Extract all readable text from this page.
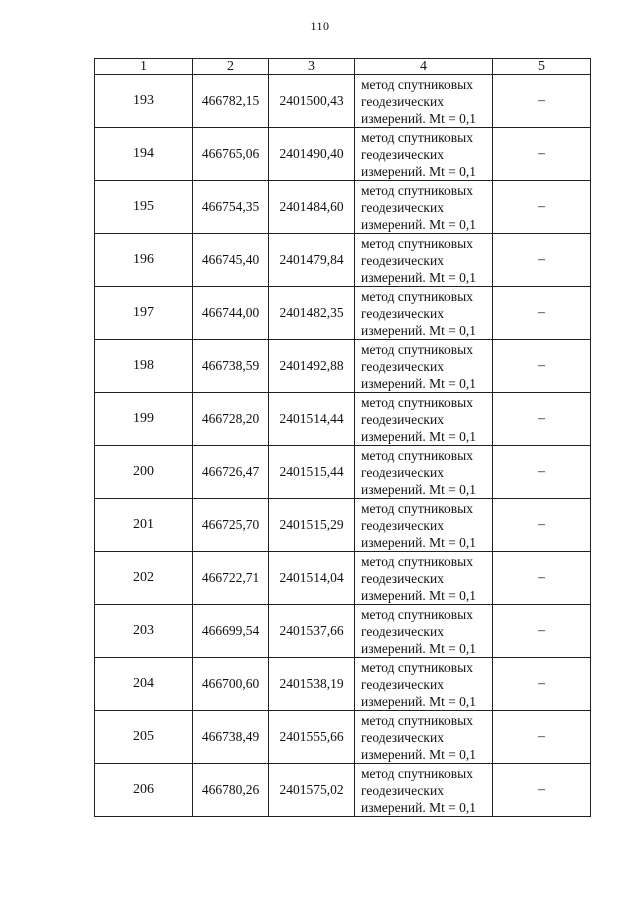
110
1	2	3	4	5
193	466782,15	2401500,43	метод спутниковых
геодезических
измерений. Mt = 0,1	–
194	466765,06	2401490,40	метод спутниковых
геодезических
измерений. Mt = 0,1	–
195	466754,35	2401484,60	метод спутниковых
геодезических
измерений. Mt = 0,1	–
196	466745,40	2401479,84	метод спутниковых
геодезических
измерений. Mt = 0,1	–
197	466744,00	2401482,35	метод спутниковых
геодезических
измерений. Mt = 0,1	–
198	466738,59	2401492,88	метод спутниковых
геодезических
измерений. Mt = 0,1	–
199	466728,20	2401514,44	метод спутниковых
геодезических
измерений. Mt = 0,1	–
200	466726,47	2401515,44	метод спутниковых
геодезических
измерений. Mt = 0,1	–
201	466725,70	2401515,29	метод спутниковых
геодезических
измерений. Mt = 0,1	–
202	466722,71	2401514,04	метод спутниковых
геодезических
измерений. Mt = 0,1	–
203	466699,54	2401537,66	метод спутниковых
геодезических
измерений. Mt = 0,1	–
204	466700,60	2401538,19	метод спутниковых
геодезических
измерений. Mt = 0,1	–
205	466738,49	2401555,66	метод спутниковых
геодезических
измерений. Mt = 0,1	–
206	466780,26	2401575,02	метод спутниковых
геодезических
измерений. Mt = 0,1	–
